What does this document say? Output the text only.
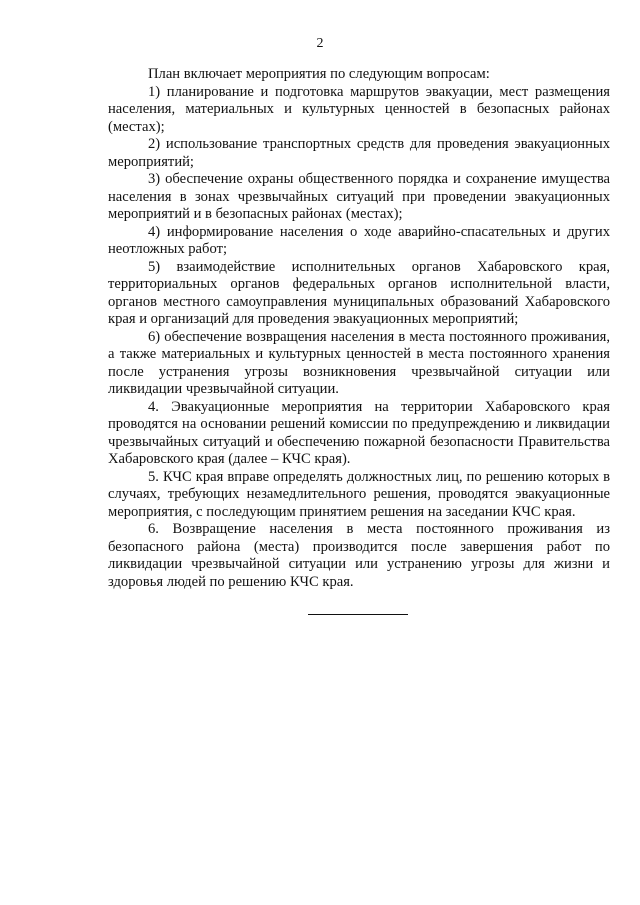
2

План включает мероприятия по следующим вопросам:

1) планирование и подготовка маршрутов эвакуации, мест размещения населения, материальных и культурных ценностей в безопасных районах (местах);

2) использование транспортных средств для проведения эвакуационных мероприятий;

3) обеспечение охраны общественного порядка и сохранение имущества населения в зонах чрезвычайных ситуаций при проведении эвакуационных мероприятий и в безопасных районах (местах);

4) информирование населения о ходе аварийно-спасательных и других неотложных работ;

5) взаимодействие исполнительных органов Хабаровского края, территориальных органов федеральных органов исполнительной власти, органов местного самоуправления муниципальных образований Хабаровского края и организаций для проведения эвакуационных мероприятий;

6) обеспечение возвращения населения в места постоянного проживания, а также материальных и культурных ценностей в места постоянного хранения после устранения угрозы возникновения чрезвычайной ситуации или ликвидации чрезвычайной ситуации.

4. Эвакуационные мероприятия на территории Хабаровского края проводятся на основании решений комиссии по предупреждению и ликвидации чрезвычайных ситуаций и обеспечению пожарной безопасности Правительства Хабаровского края (далее – КЧС края).

5. КЧС края вправе определять должностных лиц, по решению которых в случаях, требующих незамедлительного решения, проводятся эвакуационные мероприятия, с последующим принятием решения на заседании КЧС края.

6. Возвращение населения в места постоянного проживания из безопасного района (места) производится после завершения работ по ликвидации чрезвычайной ситуации или устранению угрозы для жизни и здоровья людей по решению КЧС края.
